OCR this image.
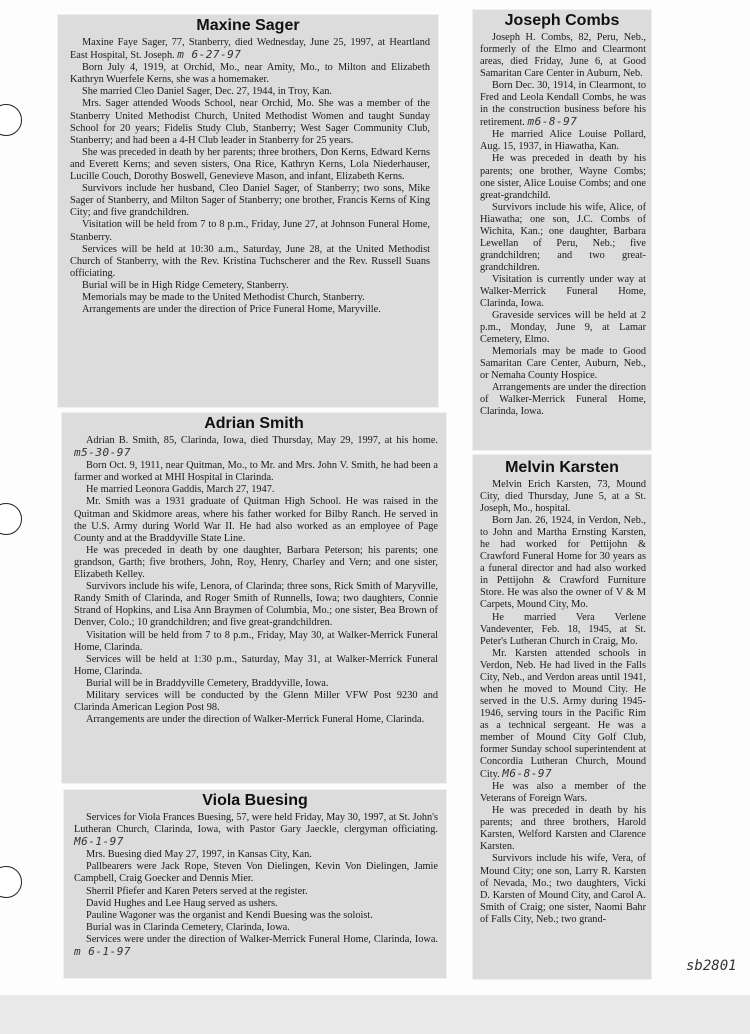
Maxine Sager

Maxine Faye Sager, 77, Stanberry, died Wednesday, June 25, 1997, at Heartland East Hospital, St. Joseph. m 6-27-97

Born July 4, 1919, at Orchid, Mo., near Amity, Mo., to Milton and Elizabeth Kathryn Wuerfele Kerns, she was a homemaker.

She married Cleo Daniel Sager, Dec. 27, 1944, in Troy, Kan.

Mrs. Sager attended Woods School, near Orchid, Mo. She was a member of the Stanberry United Methodist Church, United Methodist Women and taught Sunday School for 20 years; Fidelis Study Club, Stanberry; West Sager Community Club, Stanberry; and had been a 4-H Club leader in Stanberry for 25 years.

She was preceded in death by her parents; three brothers, Don Kerns, Edward Kerns and Everett Kerns; and seven sisters, Ona Rice, Kathryn Kerns, Lola Niederhauser, Lucille Couch, Dorothy Boswell, Genevieve Mason, and infant, Elizabeth Kerns.

Survivors include her husband, Cleo Daniel Sager, of Stanberry; two sons, Mike Sager of Stanberry, and Milton Sager of Stanberry; one brother, Francis Kerns of King City; and five grandchildren.

Visitation will be held from 7 to 8 p.m., Friday, June 27, at Johnson Funeral Home, Stanberry.

Services will be held at 10:30 a.m., Saturday, June 28, at the United Methodist Church of Stanberry, with the Rev. Kristina Tuchscherer and the Rev. Russell Suans officiating.

Burial will be in High Ridge Cemetery, Stanberry.

Memorials may be made to the United Methodist Church, Stanberry.

Arrangements are under the direction of Price Funeral Home, Maryville.

Adrian Smith

Adrian B. Smith, 85, Clarinda, Iowa, died Thursday, May 29, 1997, at his home. m5-30-97

Born Oct. 9, 1911, near Quitman, Mo., to Mr. and Mrs. John V. Smith, he had been a farmer and worked at MHI Hospital in Clarinda.

He married Leonora Gaddis, March 27, 1947.

Mr. Smith was a 1931 graduate of Quitman High School. He was raised in the Quitman and Skidmore areas, where his father worked for Bilby Ranch. He served in the U.S. Army during World War II. He had also worked as an employee of Page County and at the Braddyville State Line.

He was preceded in death by one daughter, Barbara Peterson; his parents; one grandson, Garth; five brothers, John, Roy, Henry, Charley and Vern; and one sister, Elizabeth Kelley.

Survivors include his wife, Lenora, of Clarinda; three sons, Rick Smith of Maryville, Randy Smith of Clarinda, and Roger Smith of Runnells, Iowa; two daughters, Connie Strand of Hopkins, and Lisa Ann Braymen of Columbia, Mo.; one sister, Bea Brown of Denver, Colo.; 10 grandchildren; and five great-grandchildren.

Visitation will be held from 7 to 8 p.m., Friday, May 30, at Walker-Merrick Funeral Home, Clarinda.

Services will be held at 1:30 p.m., Saturday, May 31, at Walker-Merrick Funeral Home, Clarinda.

Burial will be in Braddyville Cemetery, Braddyville, Iowa.

Military services will be conducted by the Glenn Miller VFW Post 9230 and Clarinda American Legion Post 98.

Arrangements are under the direction of Walker-Merrick Funeral Home, Clarinda.

Viola Buesing

Services for Viola Frances Buesing, 57, were held Friday, May 30, 1997, at St. John's Lutheran Church, Clarinda, Iowa, with Pastor Gary Jaeckle, clergyman officiating. M6-1-97

Mrs. Buesing died May 27, 1997, in Kansas City, Kan.

Pallbearers were Jack Rope, Steven Von Dielingen, Kevin Von Dielingen, Jamie Campbell, Craig Goecker and Dennis Mier.

Sherril Pfiefer and Karen Peters served at the register.

David Hughes and Lee Haug served as ushers.

Pauline Wagoner was the organist and Kendi Buesing was the soloist.

Burial was in Clarinda Cemetery, Clarinda, Iowa.

Services were under the direction of Walker-Merrick Funeral Home, Clarinda, Iowa. m 6-1-97

Joseph Combs

Joseph H. Combs, 82, Peru, Neb., formerly of the Elmo and Clearmont areas, died Friday, June 6, at Good Samaritan Care Center in Auburn, Neb.

Born Dec. 30, 1914, in Clearmont, to Fred and Leola Kendall Combs, he was in the construction business before his retirement. m6-8-97

He married Alice Louise Pollard, Aug. 15, 1937, in Hiawatha, Kan.

He was preceded in death by his parents; one brother, Wayne Combs; one sister, Alice Louise Combs; and one great-grandchild.

Survivors include his wife, Alice, of Hiawatha; one son, J.C. Combs of Wichita, Kan.; one daughter, Barbara Lewellan of Peru, Neb.; five grandchildren; and two great-grandchildren.

Visitation is currently under way at Walker-Merrick Funeral Home, Clarinda, Iowa.

Graveside services will be held at 2 p.m., Monday, June 9, at Lamar Cemetery, Elmo.

Memorials may be made to Good Samaritan Care Center, Auburn, Neb., or Nemaha County Hospice.

Arrangements are under the direction of Walker-Merrick Funeral Home, Clarinda, Iowa.

Melvin Karsten

Melvin Erich Karsten, 73, Mound City, died Thursday, June 5, at a St. Joseph, Mo., hospital.

Born Jan. 26, 1924, in Verdon, Neb., to John and Martha Ernsting Karsten, he had worked for Pettijohn & Crawford Funeral Home for 30 years as a funeral director and had also worked in Pettijohn & Crawford Furniture Store. He was also the owner of V & M Carpets, Mound City, Mo.

He married Vera Verlene Vandeventer, Feb. 18, 1945, at St. Peter's Lutheran Church in Craig, Mo.

Mr. Karsten attended schools in Verdon, Neb. He had lived in the Falls City, Neb., and Verdon areas until 1941, when he moved to Mound City. He served in the U.S. Army during 1945-1946, serving tours in the Pacific Rim as a technical sergeant. He was a member of Mound City Golf Club, former Sunday school superintendent at Concordia Lutheran Church, Mound City. M6-8-97

He was also a member of the Veterans of Foreign Wars.

He was preceded in death by his parents; and three brothers, Harold Karsten, Welford Karsten and Clarence Karsten.

Survivors include his wife, Vera, of Mound City; one son, Larry R. Karsten of Nevada, Mo.; two daughters, Vicki D. Karsten of Mound City, and Carol A. Smith of Craig; one sister, Naomi Bahr of Falls City, Neb.; two grand-

sb2801
